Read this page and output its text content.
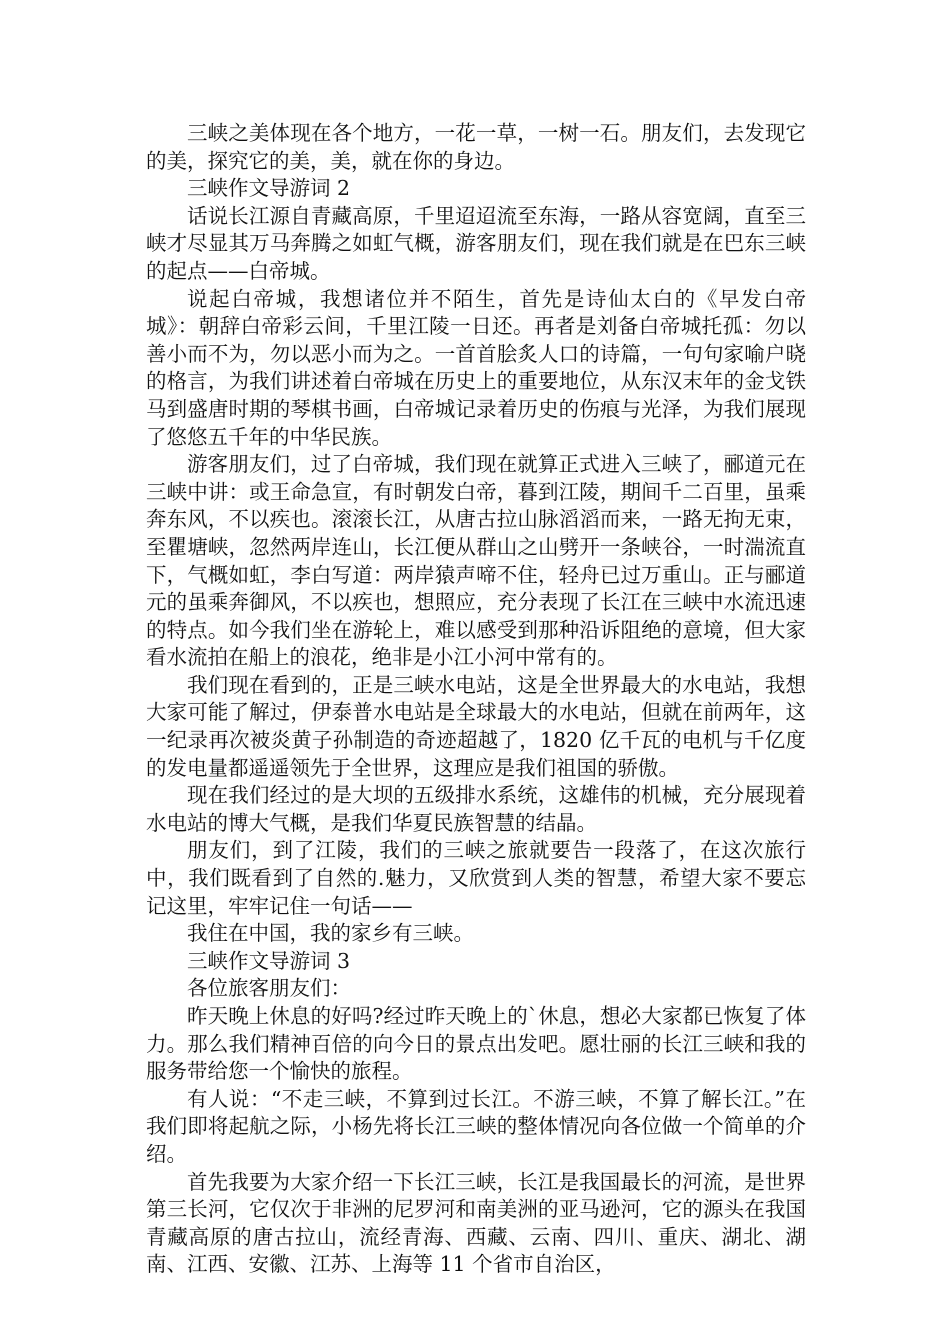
三峡之美体现在各个地方，一花一草，一树一石。朋友们，去发现它的美，探究它的美，美，就在你的身边。

三峡作文导游词 2

话说长江源自青藏高原，千里迢迢流至东海，一路从容宽阔，直至三峡才尽显其万马奔腾之如虹气概，游客朋友们，现在我们就是在巴东三峡的起点——白帝城。

说起白帝城，我想诸位并不陌生，首先是诗仙太白的《早发白帝城》：朝辞白帝彩云间，千里江陵一日还。再者是刘备白帝城托孤：勿以善小而不为，勿以恶小而为之。一首首脍炙人口的诗篇，一句句家喻户晓的格言，为我们讲述着白帝城在历史上的重要地位，从东汉末年的金戈铁马到盛唐时期的琴棋书画，白帝城记录着历史的伤痕与光泽，为我们展现了悠悠五千年的中华民族。

游客朋友们，过了白帝城，我们现在就算正式进入三峡了，郦道元在三峡中讲：或王命急宣，有时朝发白帝，暮到江陵，期间千二百里，虽乘奔东风，不以疾也。滚滚长江，从唐古拉山脉滔滔而来，一路无拘无束，至瞿塘峡，忽然两岸连山，长江便从群山之山劈开一条峡谷，一时湍流直下，气概如虹，李白写道：两岸猿声啼不住，轻舟已过万重山。正与郦道元的虽乘奔御风，不以疾也，想照应，充分表现了长江在三峡中水流迅速的特点。如今我们坐在游轮上，难以感受到那种沿诉阻绝的意境，但大家看水流拍在船上的浪花，绝非是小江小河中常有的。

我们现在看到的，正是三峡水电站，这是全世界最大的水电站，我想大家可能了解过，伊泰普水电站是全球最大的水电站，但就在前两年，这一纪录再次被炎黄子孙制造的奇迹超越了，1820 亿千瓦的电机与千亿度的发电量都遥遥领先于全世界，这理应是我们祖国的骄傲。

现在我们经过的是大坝的五级排水系统，这雄伟的机械，充分展现着水电站的博大气概，是我们华夏民族智慧的结晶。

朋友们，到了江陵，我们的三峡之旅就要告一段落了，在这次旅行中，我们既看到了自然的.魅力，又欣赏到人类的智慧，希望大家不要忘记这里，牢牢记住一句话——

我住在中国，我的家乡有三峡。

三峡作文导游词 3

各位旅客朋友们：

昨天晚上休息的好吗?经过昨天晚上的`休息，想必大家都已恢复了体力。那么我们精神百倍的向今日的景点出发吧。愿壮丽的长江三峡和我的服务带给您一个愉快的旅程。

有人说：“不走三峡，不算到过长江。不游三峡，不算了解长江。”在我们即将起航之际，小杨先将长江三峡的整体情况向各位做一个简单的介绍。

首先我要为大家介绍一下长江三峡，长江是我国最长的河流，是世界第三长河，它仅次于非洲的尼罗河和南美洲的亚马逊河，它的源头在我国青藏高原的唐古拉山，流经青海、西藏、云南、四川、重庆、湖北、湖南、江西、安徽、江苏、上海等 11 个省市自治区，
